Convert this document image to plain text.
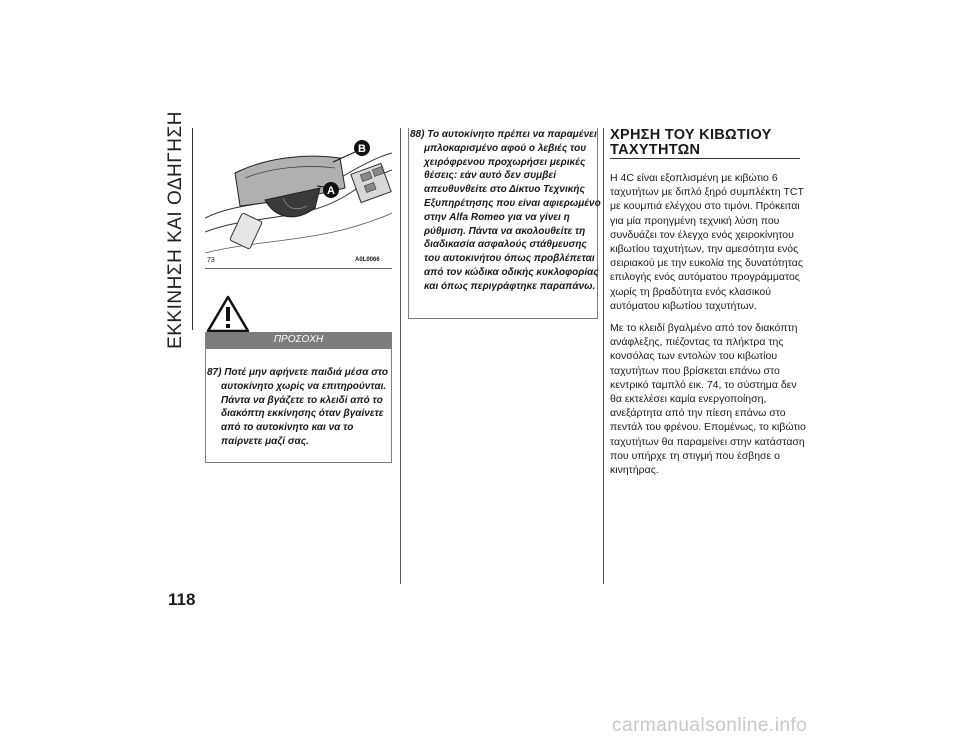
ΕΚΚΙΝΗΣΗ ΚΑΙ ΟΔΗΓΗΣΗ
118
B
A
73	A0L0066
ΠΡΟΣΟΧΗ

87) Ποτέ μην αφήνετε παιδιά μέσα στο αυτοκίνητο χωρίς να επιτηρούνται. Πάντα να βγάζετε το κλειδί από το διακόπτη εκκίνησης όταν βγαίνετε από το αυτοκίνητο και να το παίρνετε μαζί σας.

88) Το αυτοκίνητο πρέπει να παραμένει μπλοκαρισμένο αφού ο λεβιές του χειρόφρενου προχωρήσει μερικές θέσεις: εάν αυτό δεν συμβεί απευθυνθείτε στο Δίκτυο Τεχνικής Εξυπηρέτησης που είναι αφιερωμένο στην Alfa Romeo για να γίνει η ρύθμιση. Πάντα να ακολουθείτε τη διαδικασία ασφαλούς στάθμευσης του αυτοκινήτου όπως προβλέπεται από τον κώδικα οδικής κυκλοφορίας και όπως περιγράφτηκε παραπάνω.

ΧΡΗΣΗ ΤΟΥ ΚΙΒΩΤΙΟΥ
ΤΑΧΥΤΗΤΩΝ

Η 4C είναι εξοπλισμένη με κιβώτιο 6 ταχυτήτων με διπλό ξηρό συμπλέκτη TCT με κουμπιά ελέγχου στο τιμόνι. Πρόκειται για μία προηγμένη τεχνική λύση που συνδυάζει τον έλεγχο ενός χειροκίνητου κιβωτίου ταχυτήτων, την αμεσότητα ενός σειριακού με την ευκολία της δυνατότητας επιλογής ενός αυτόματου προγράμματος χωρίς τη βραδύτητα ενός κλασικού αυτόματου κιβωτίου ταχυτήτων.

Με το κλειδί βγαλμένο από τον διακόπτη ανάφλεξης, πιέζοντας τα πλήκτρα της κονσόλας των εντολών του κιβωτίου ταχυτήτων που βρίσκεται επάνω στο κεντρικό ταμπλό εικ. 74, το σύστημα δεν θα εκτελέσει καμία ενεργοποίηση, ανεξάρτητα από την πίεση επάνω στο πεντάλ του φρένου. Επομένως, το κιβώτιο ταχυτήτων θα παραμείνει στην κατάσταση που υπήρχε τη στιγμή που έσβησε ο κινητήρας.

carmanualsonline.info
